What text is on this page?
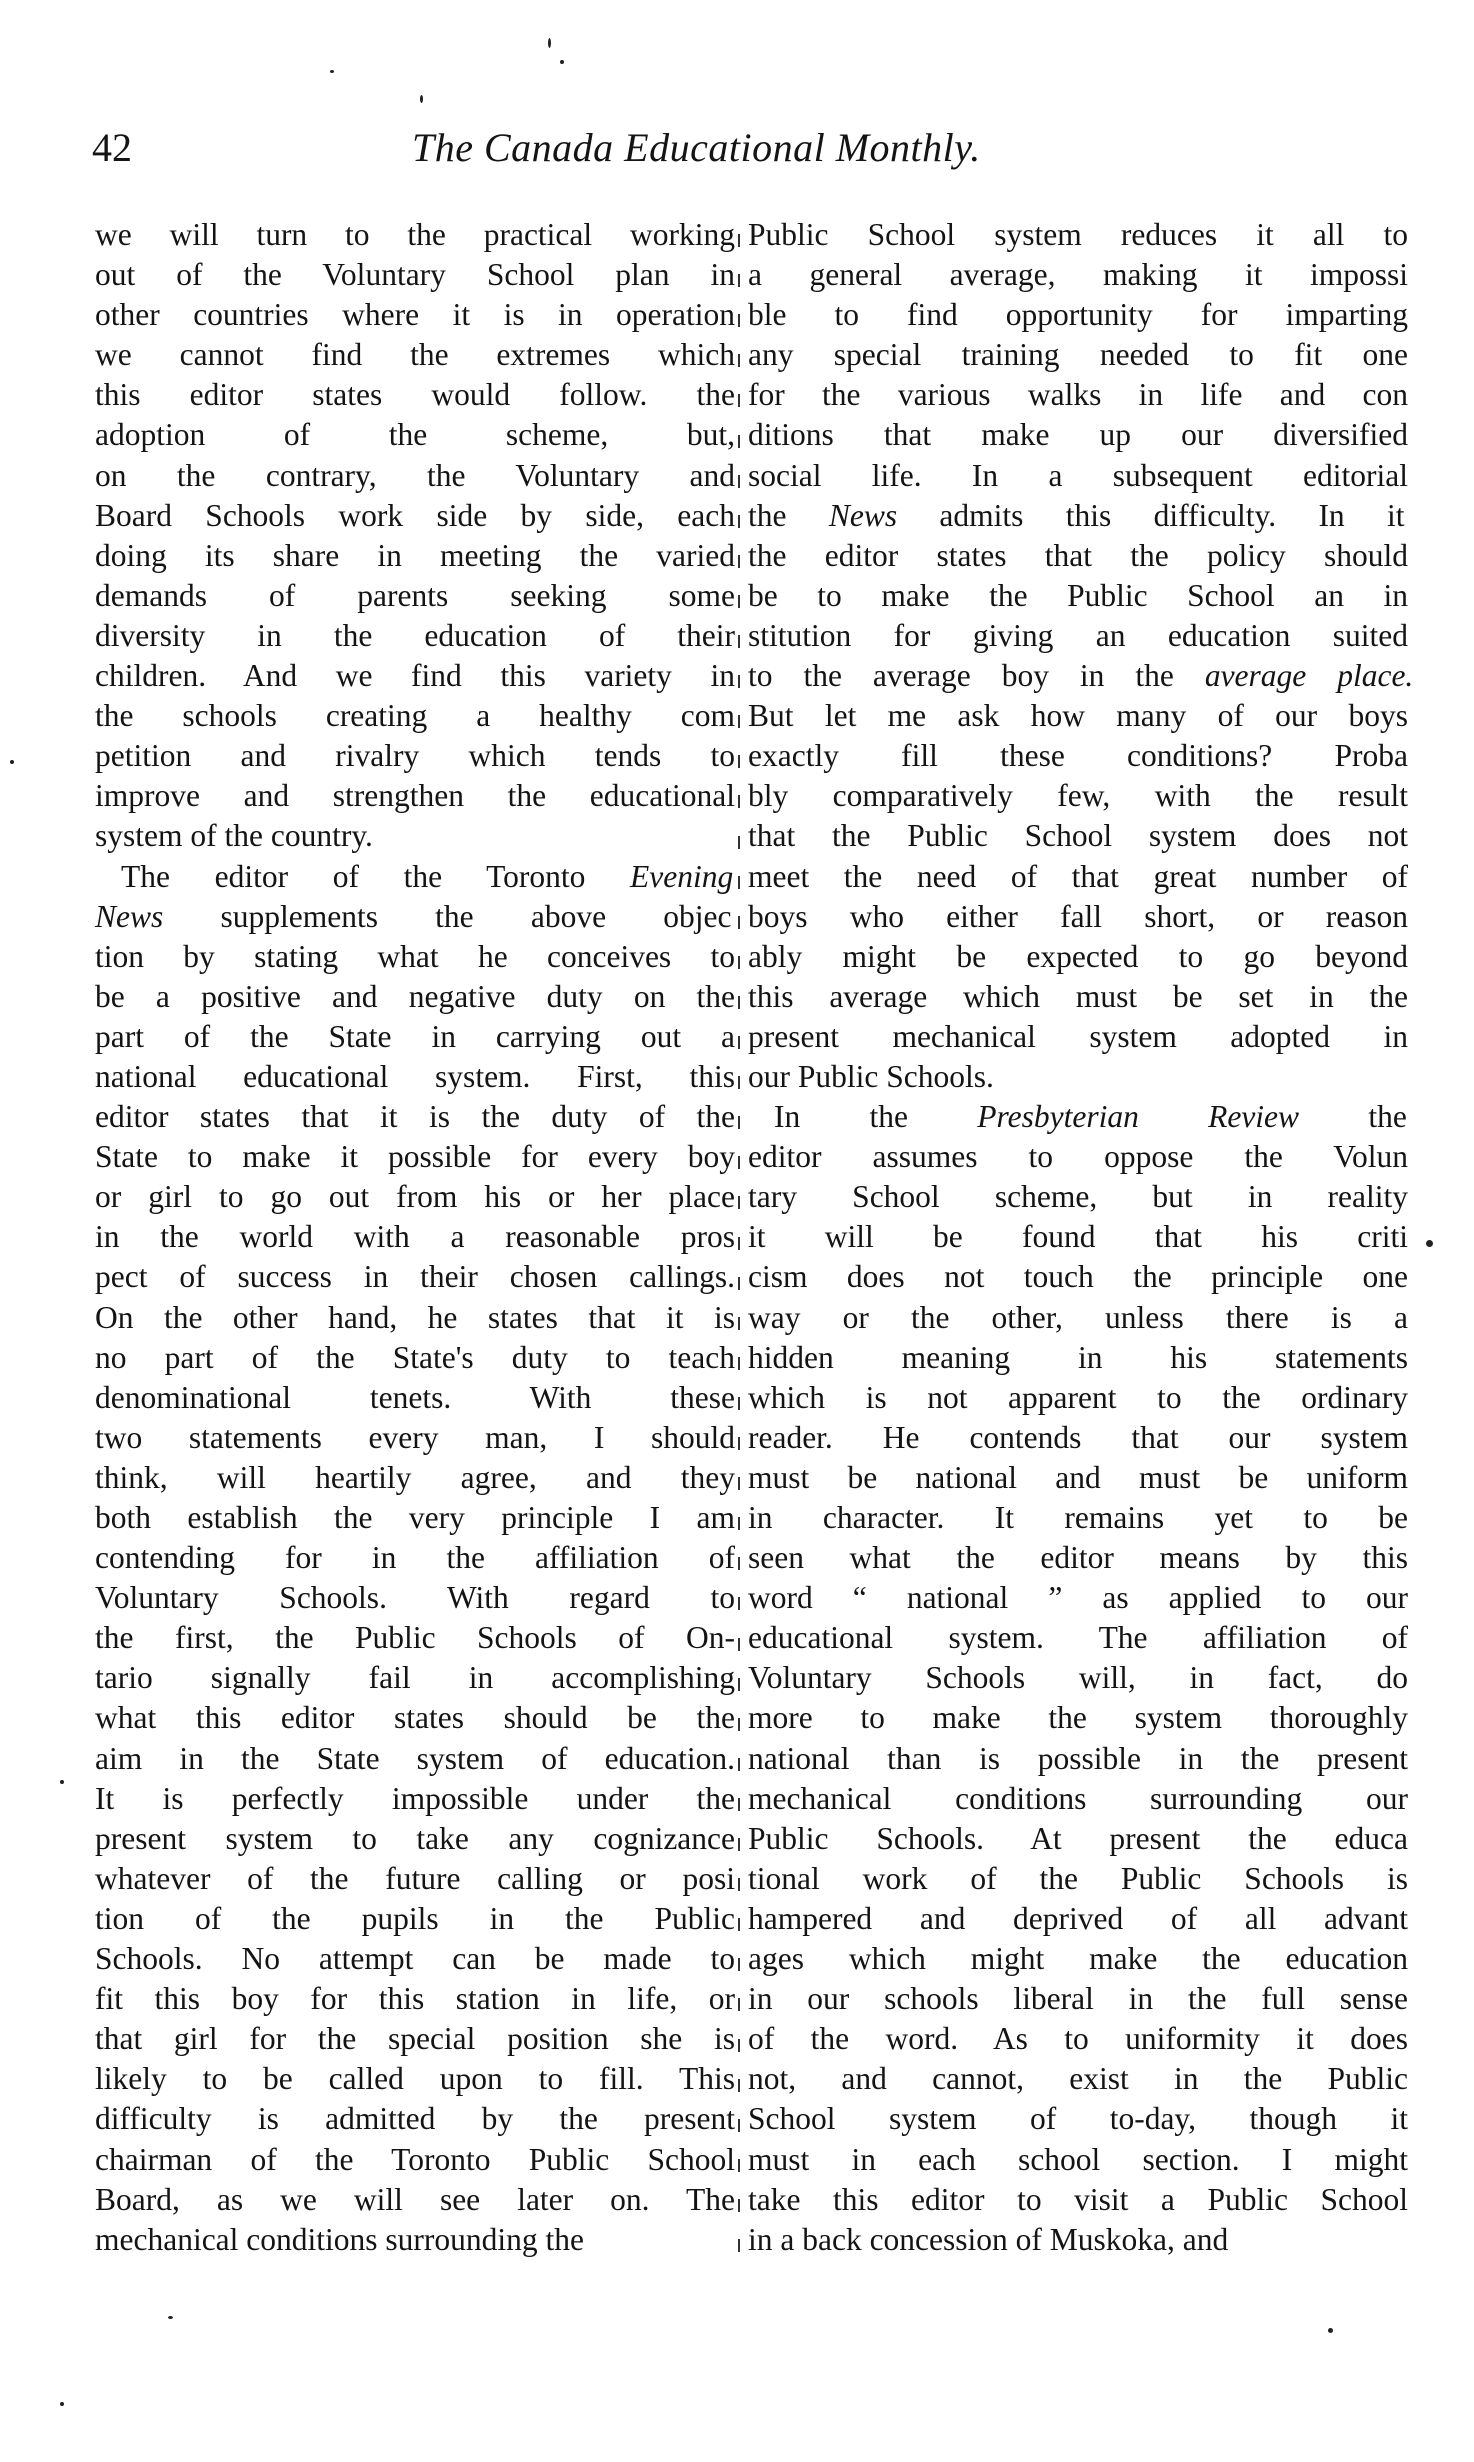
42	The Canada Educational Monthly.
we will turn to the practical working
out of the Voluntary School plan in
other countries where it is in operation
we cannot find the extremes which
this editor states would follow. the
adoption of the scheme, but,
on the contrary, the Voluntary and
Board Schools work side by side, each
doing its share in meeting the varied
demands of parents seeking some
diversity in the education of their
children. And we find this variety in
the schools creating a healthy com
petition and rivalry which tends to
improve and strengthen the educational
system of the country.
The editor of the Toronto Evening
News supplements the above objec
tion by stating what he conceives to
be a positive and negative duty on the
part of the State in carrying out a
national educational system. First, this
editor states that it is the duty of the
State to make it possible for every boy
or girl to go out from his or her place
in the world with a reasonable pros
pect of success in their chosen callings.
On the other hand, he states that it is
no part of the State's duty to teach
denominational tenets. With these
two statements every man, I should
think, will heartily agree, and they
both establish the very principle I am
contending for in the affiliation of
Voluntary Schools. With regard to
the first, the Public Schools of On-
tario signally fail in accomplishing
what this editor states should be the
aim in the State system of education.
It is perfectly impossible under the
present system to take any cognizance
whatever of the future calling or posi
tion of the pupils in the Public
Schools. No attempt can be made to
fit this boy for this station in life, or
that girl for the special position she is
likely to be called upon to fill. This
difficulty is admitted by the present
chairman of the Toronto Public School
Board, as we will see later on. The
mechanical conditions surrounding the
Public School system reduces it all to
a general average, making it impossi
ble to find opportunity for imparting
any special training needed to fit one
for the various walks in life and con
ditions that make up our diversified
social life. In a subsequent editorial
the News admits this difficulty. In it
the editor states that the policy should
be to make the Public School an in
stitution for giving an education suited
to the average boy in the average place.
But let me ask how many of our boys
exactly fill these conditions? Proba
bly comparatively few, with the result
that the Public School system does not
meet the need of that great number of
boys who either fall short, or reason
ably might be expected to go beyond
this average which must be set in the
present mechanical system adopted in
our Public Schools.
In the Presbyterian Review the
editor assumes to oppose the Volun
tary School scheme, but in reality
it will be found that his criti
cism does not touch the principle one
way or the other, unless there is a
hidden meaning in his statements
which is not apparent to the ordinary
reader. He contends that our system
must be national and must be uniform
in character. It remains yet to be
seen what the editor means by this
word “ national ” as applied to our
educational system. The affiliation of
Voluntary Schools will, in fact, do
more to make the system thoroughly
national than is possible in the present
mechanical conditions surrounding our
Public Schools. At present the educa
tional work of the Public Schools is
hampered and deprived of all advant
ages which might make the education
in our schools liberal in the full sense
of the word. As to uniformity it does
not, and cannot, exist in the Public
School system of to-day, though it
must in each school section. I might
take this editor to visit a Public School
in a back concession of Muskoka, and
